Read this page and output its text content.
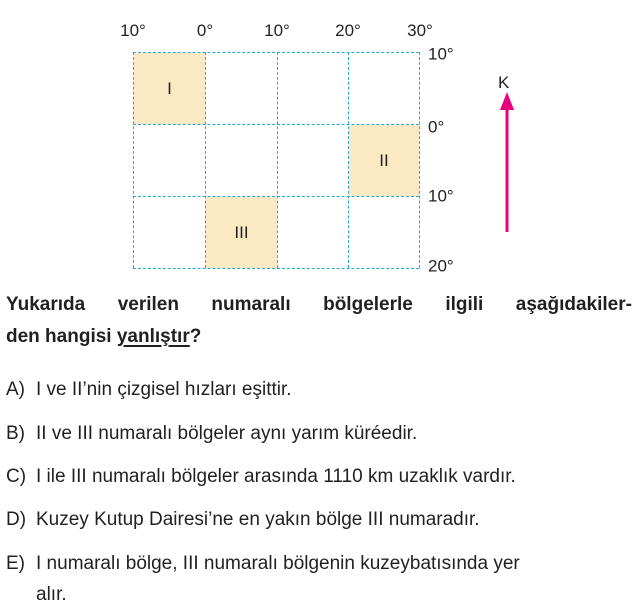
10°	0°	10°	20°	30°
10°
0°
10°
20°
I
II
III
K
Yukarıda verilen numaralı bölgelerle ilgili aşağıdakiler-
den hangisi yanlıştır?
A) I ve II’nin çizgisel hızları eşittir.
B) II ve III numaralı bölgeler aynı yarım küréedir.
C) I ile III numaralı bölgeler arasında 1110 km uzaklık vardır.
D) Kuzey Kutup Dairesi’ne en yakın bölge III numaradır.
E) I numaralı bölge, III numaralı bölgenin kuzeybatısında yer
alır.
